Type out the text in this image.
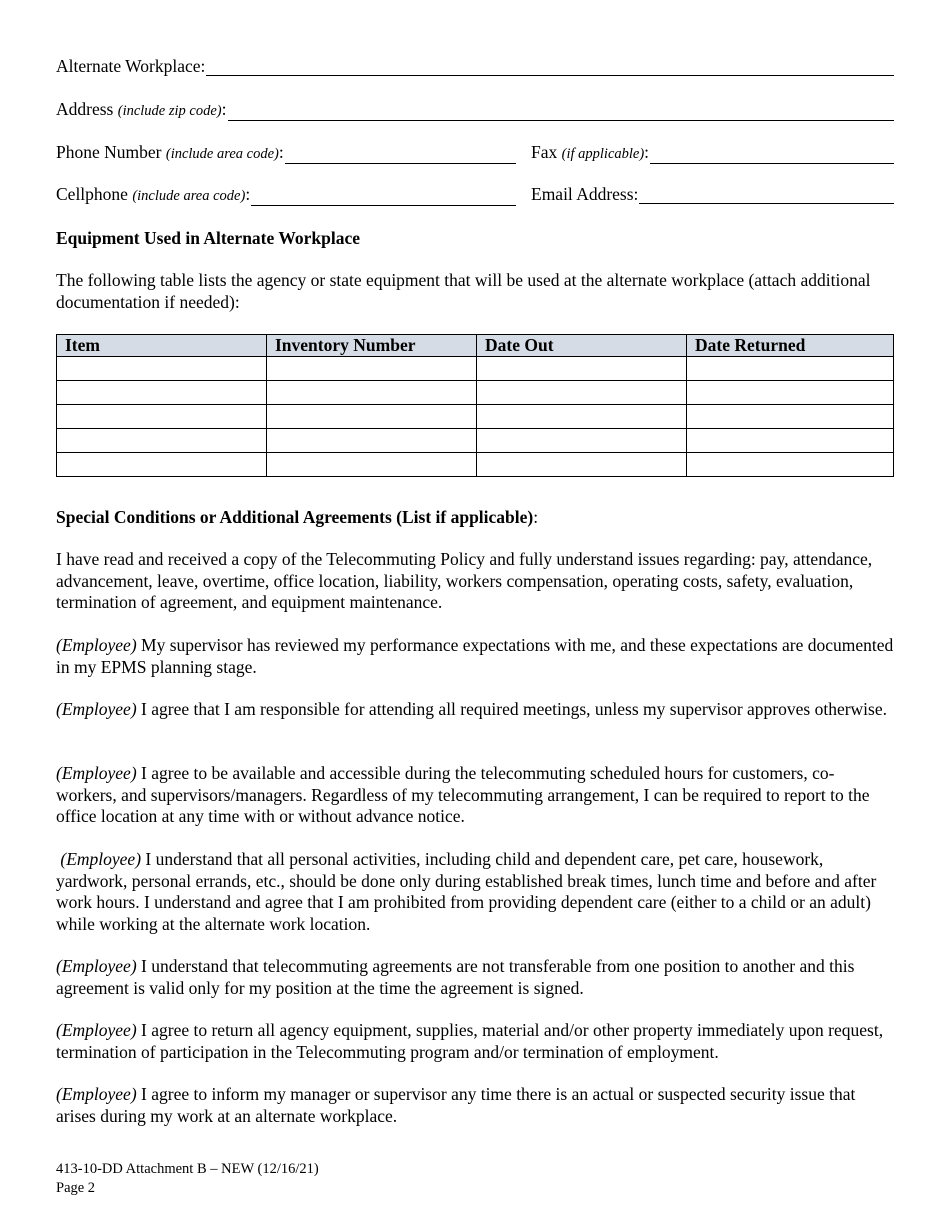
Alternate Workplace:
Address (include zip code):
Phone Number (include area code):	Fax (if applicable):
Cellphone (include area code):	Email Address:
Equipment Used in Alternate Workplace
The following table lists the agency or state equipment that will be used at the alternate workplace (attach additional documentation if needed):
Item	Inventory Number	Date Out	Date Returned

Special Conditions or Additional Agreements (List if applicable):
I have read and received a copy of the Telecommuting Policy and fully understand issues regarding: pay, attendance, advancement, leave, overtime, office location, liability, workers compensation, operating costs, safety, evaluation, termination of agreement, and equipment maintenance.
(Employee) My supervisor has reviewed my performance expectations with me, and these expectations are documented in my EPMS planning stage.
(Employee) I agree that I am responsible for attending all required meetings, unless my supervisor approves otherwise.
(Employee) I agree to be available and accessible during the telecommuting scheduled hours for customers, co-workers, and supervisors/managers. Regardless of my telecommuting arrangement, I can be required to report to the office location at any time with or without advance notice.
(Employee) I understand that all personal activities, including child and dependent care, pet care, housework, yardwork, personal errands, etc., should be done only during established break times, lunch time and before and after work hours. I understand and agree that I am prohibited from providing dependent care (either to a child or an adult) while working at the alternate work location.
(Employee) I understand that telecommuting agreements are not transferable from one position to another and this agreement is valid only for my position at the time the agreement is signed.
(Employee) I agree to return all agency equipment, supplies, material and/or other property immediately upon request, termination of participation in the Telecommuting program and/or termination of employment.
(Employee) I agree to inform my manager or supervisor any time there is an actual or suspected security issue that arises during my work at an alternate workplace.
413-10-DD Attachment B – NEW (12/16/21)
Page 2
